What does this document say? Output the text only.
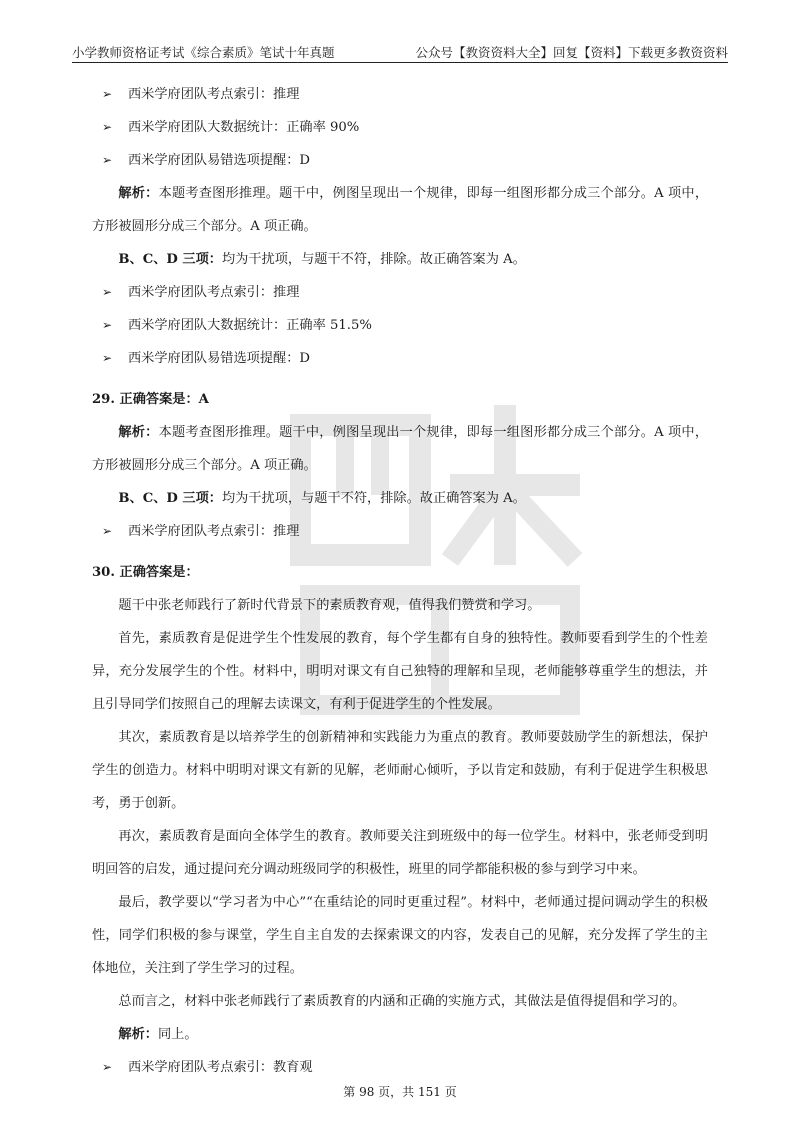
小学教师资格证考试《综合素质》笔试十年真题	公众号【教资资料大全】回复【资料】下载更多教资资料
➢ 西米学府团队考点索引：推理
➢ 西米学府团队大数据统计：正确率 90%
➢ 西米学府团队易错选项提醒：D
解析：本题考查图形推理。题干中，例图呈现出一个规律，即每一组图形都分成三个部分。A 项中，方形被圆形分成三个部分。A 项正确。
B、C、D 三项：均为干扰项，与题干不符，排除。故正确答案为 A。
➢ 西米学府团队考点索引：推理
➢ 西米学府团队大数据统计：正确率 51.5%
➢ 西米学府团队易错选项提醒：D
29. 正确答案是：A
解析：本题考查图形推理。题干中，例图呈现出一个规律，即每一组图形都分成三个部分。A 项中，方形被圆形分成三个部分。A 项正确。
B、C、D 三项：均为干扰项，与题干不符，排除。故正确答案为 A。
➢ 西米学府团队考点索引：推理
30. 正确答案是：
题干中张老师践行了新时代背景下的素质教育观，值得我们赞赏和学习。
首先，素质教育是促进学生个性发展的教育，每个学生都有自身的独特性。教师要看到学生的个性差异，充分发展学生的个性。材料中，明明对课文有自己独特的理解和呈现，老师能够尊重学生的想法，并且引导同学们按照自己的理解去读课文，有利于促进学生的个性发展。
其次，素质教育是以培养学生的创新精神和实践能力为重点的教育。教师要鼓励学生的新想法，保护学生的创造力。材料中明明对课文有新的见解，老师耐心倾听，予以肯定和鼓励，有利于促进学生积极思考，勇于创新。
再次，素质教育是面向全体学生的教育。教师要关注到班级中的每一位学生。材料中，张老师受到明明回答的启发，通过提问充分调动班级同学的积极性，班里的同学都能积极的参与到学习中来。
最后，教学要以“学习者为中心”“在重结论的同时更重过程”。材料中，老师通过提问调动学生的积极性，同学们积极的参与课堂，学生自主自发的去探索课文的内容，发表自己的见解，充分发挥了学生的主体地位，关注到了学生学习的过程。
总而言之，材料中张老师践行了素质教育的内涵和正确的实施方式，其做法是值得提倡和学习的。
解析：同上。
➢ 西米学府团队考点索引：教育观
第 98 页，共 151 页
